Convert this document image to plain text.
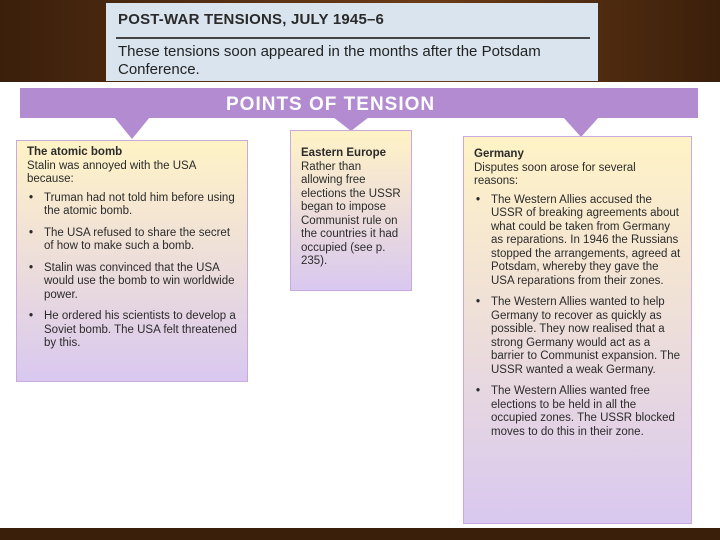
POST-WAR TENSIONS, JULY 1945–6
These tensions soon appeared in the months after the Potsdam Conference.
POINTS OF TENSION
The atomic bomb
Stalin was annoyed with the USA because:
• Truman had not told him before using the atomic bomb.
• The USA refused to share the secret of how to make such a bomb.
• Stalin was convinced that the USA would use the bomb to win worldwide power.
• He ordered his scientists to develop a Soviet bomb. The USA felt threatened by this.
Eastern Europe
Rather than allowing free elections the USSR began to impose Communist rule on the countries it had occupied (see p. 235).
Germany
Disputes soon arose for several reasons:
• The Western Allies accused the USSR of breaking agreements about what could be taken from Germany as reparations. In 1946 the Russians stopped the arrangements, agreed at Potsdam, whereby they gave the USA reparations from their zones.
• The Western Allies wanted to help Germany to recover as quickly as possible. They now realised that a strong Germany would act as a barrier to Communist expansion. The USSR wanted a weak Germany.
• The Western Allies wanted free elections to be held in all the occupied zones. The USSR blocked moves to do this in their zone.
